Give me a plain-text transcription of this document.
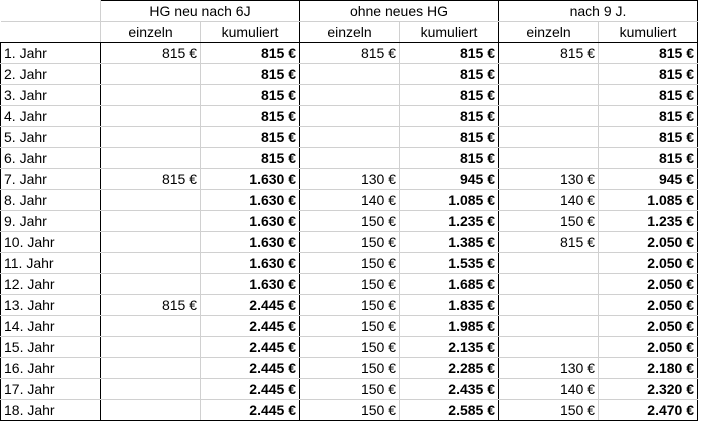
	HG neu nach 6J		ohne neues HG		nach 9 J.	
	einzeln	kumuliert	einzeln	kumuliert	einzeln	kumuliert
1. Jahr	815 €	815 €	815 €	815 €	815 €	815 €
2. Jahr		815 €		815 €		815 €
3. Jahr		815 €		815 €		815 €
4. Jahr		815 €		815 €		815 €
5. Jahr		815 €		815 €		815 €
6. Jahr		815 €		815 €		815 €
7. Jahr	815 €	1.630 €	130 €	945 €	130 €	945 €
8. Jahr		1.630 €	140 €	1.085 €	140 €	1.085 €
9. Jahr		1.630 €	150 €	1.235 €	150 €	1.235 €
10. Jahr		1.630 €	150 €	1.385 €	815 €	2.050 €
11. Jahr		1.630 €	150 €	1.535 €		2.050 €
12. Jahr		1.630 €	150 €	1.685 €		2.050 €
13. Jahr	815 €	2.445 €	150 €	1.835 €		2.050 €
14. Jahr		2.445 €	150 €	1.985 €		2.050 €
15. Jahr		2.445 €	150 €	2.135 €		2.050 €
16. Jahr		2.445 €	150 €	2.285 €	130 €	2.180 €
17. Jahr		2.445 €	150 €	2.435 €	140 €	2.320 €
18. Jahr		2.445 €	150 €	2.585 €	150 €	2.470 €
